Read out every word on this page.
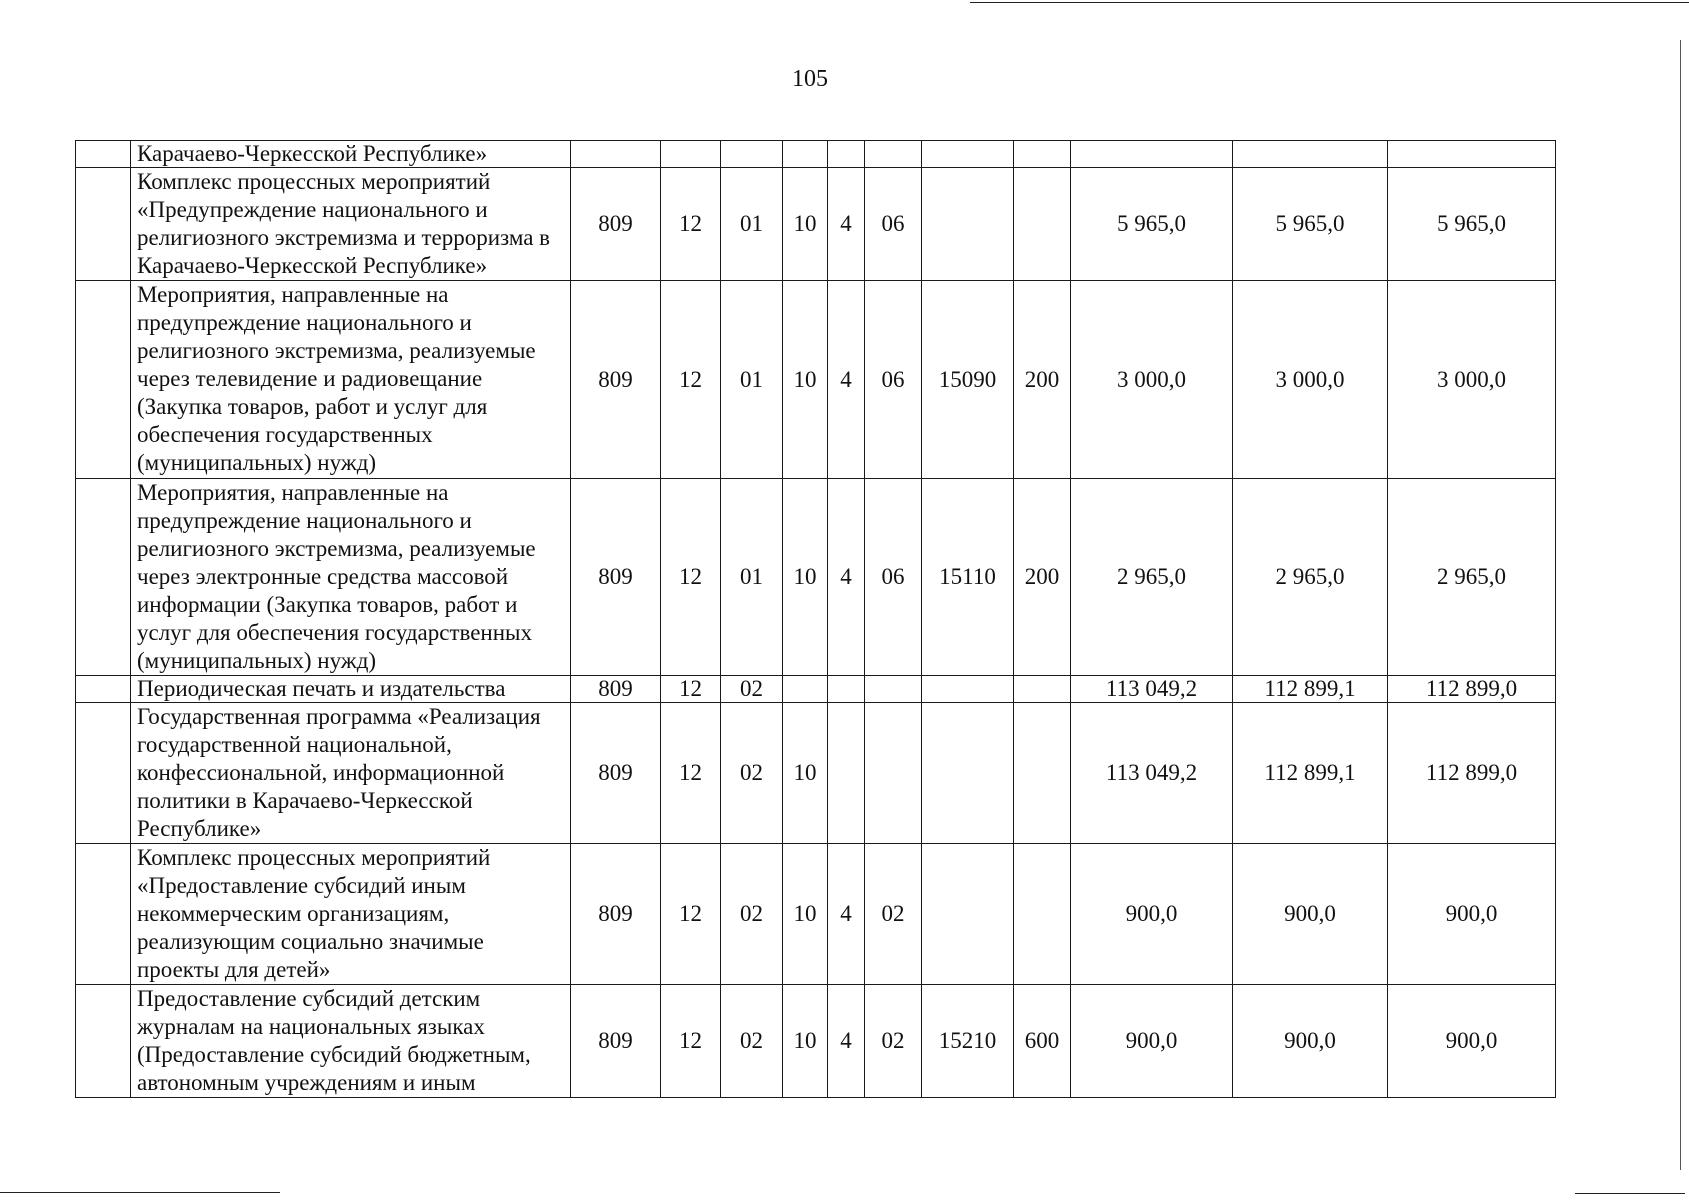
105
	Карачаево-Черкесской Республике»											
	Комплекс процессных мероприятий «Предупреждение национального и религиозного экстремизма и терроризма в Карачаево-Черкесской Республике»	809	12	01	10	4	06			5 965,0	5 965,0	5 965,0
	Мероприятия, направленные на предупреждение национального и религиозного экстремизма, реализуемые через телевидение и радиовещание (Закупка товаров, работ и услуг для обеспечения государственных (муниципальных) нужд)	809	12	01	10	4	06	15090	200	3 000,0	3 000,0	3 000,0
	Мероприятия, направленные на предупреждение национального и религиозного экстремизма, реализуемые через электронные средства массовой информации (Закупка товаров, работ и услуг для обеспечения государственных (муниципальных) нужд)	809	12	01	10	4	06	15110	200	2 965,0	2 965,0	2 965,0
	Периодическая печать и издательства	809	12	02						113 049,2	112 899,1	112 899,0
	Государственная программа «Реализация государственной национальной, конфессиональной, информационной политики в Карачаево-Черкесской Республике»	809	12	02	10					113 049,2	112 899,1	112 899,0
	Комплекс процессных мероприятий «Предоставление субсидий иным некоммерческим организациям, реализующим социально значимые проекты для детей»	809	12	02	10	4	02			900,0	900,0	900,0
	Предоставление субсидий детским журналам на национальных языках (Предоставление субсидий бюджетным, автономным учреждениям и иным	809	12	02	10	4	02	15210	600	900,0	900,0	900,0
